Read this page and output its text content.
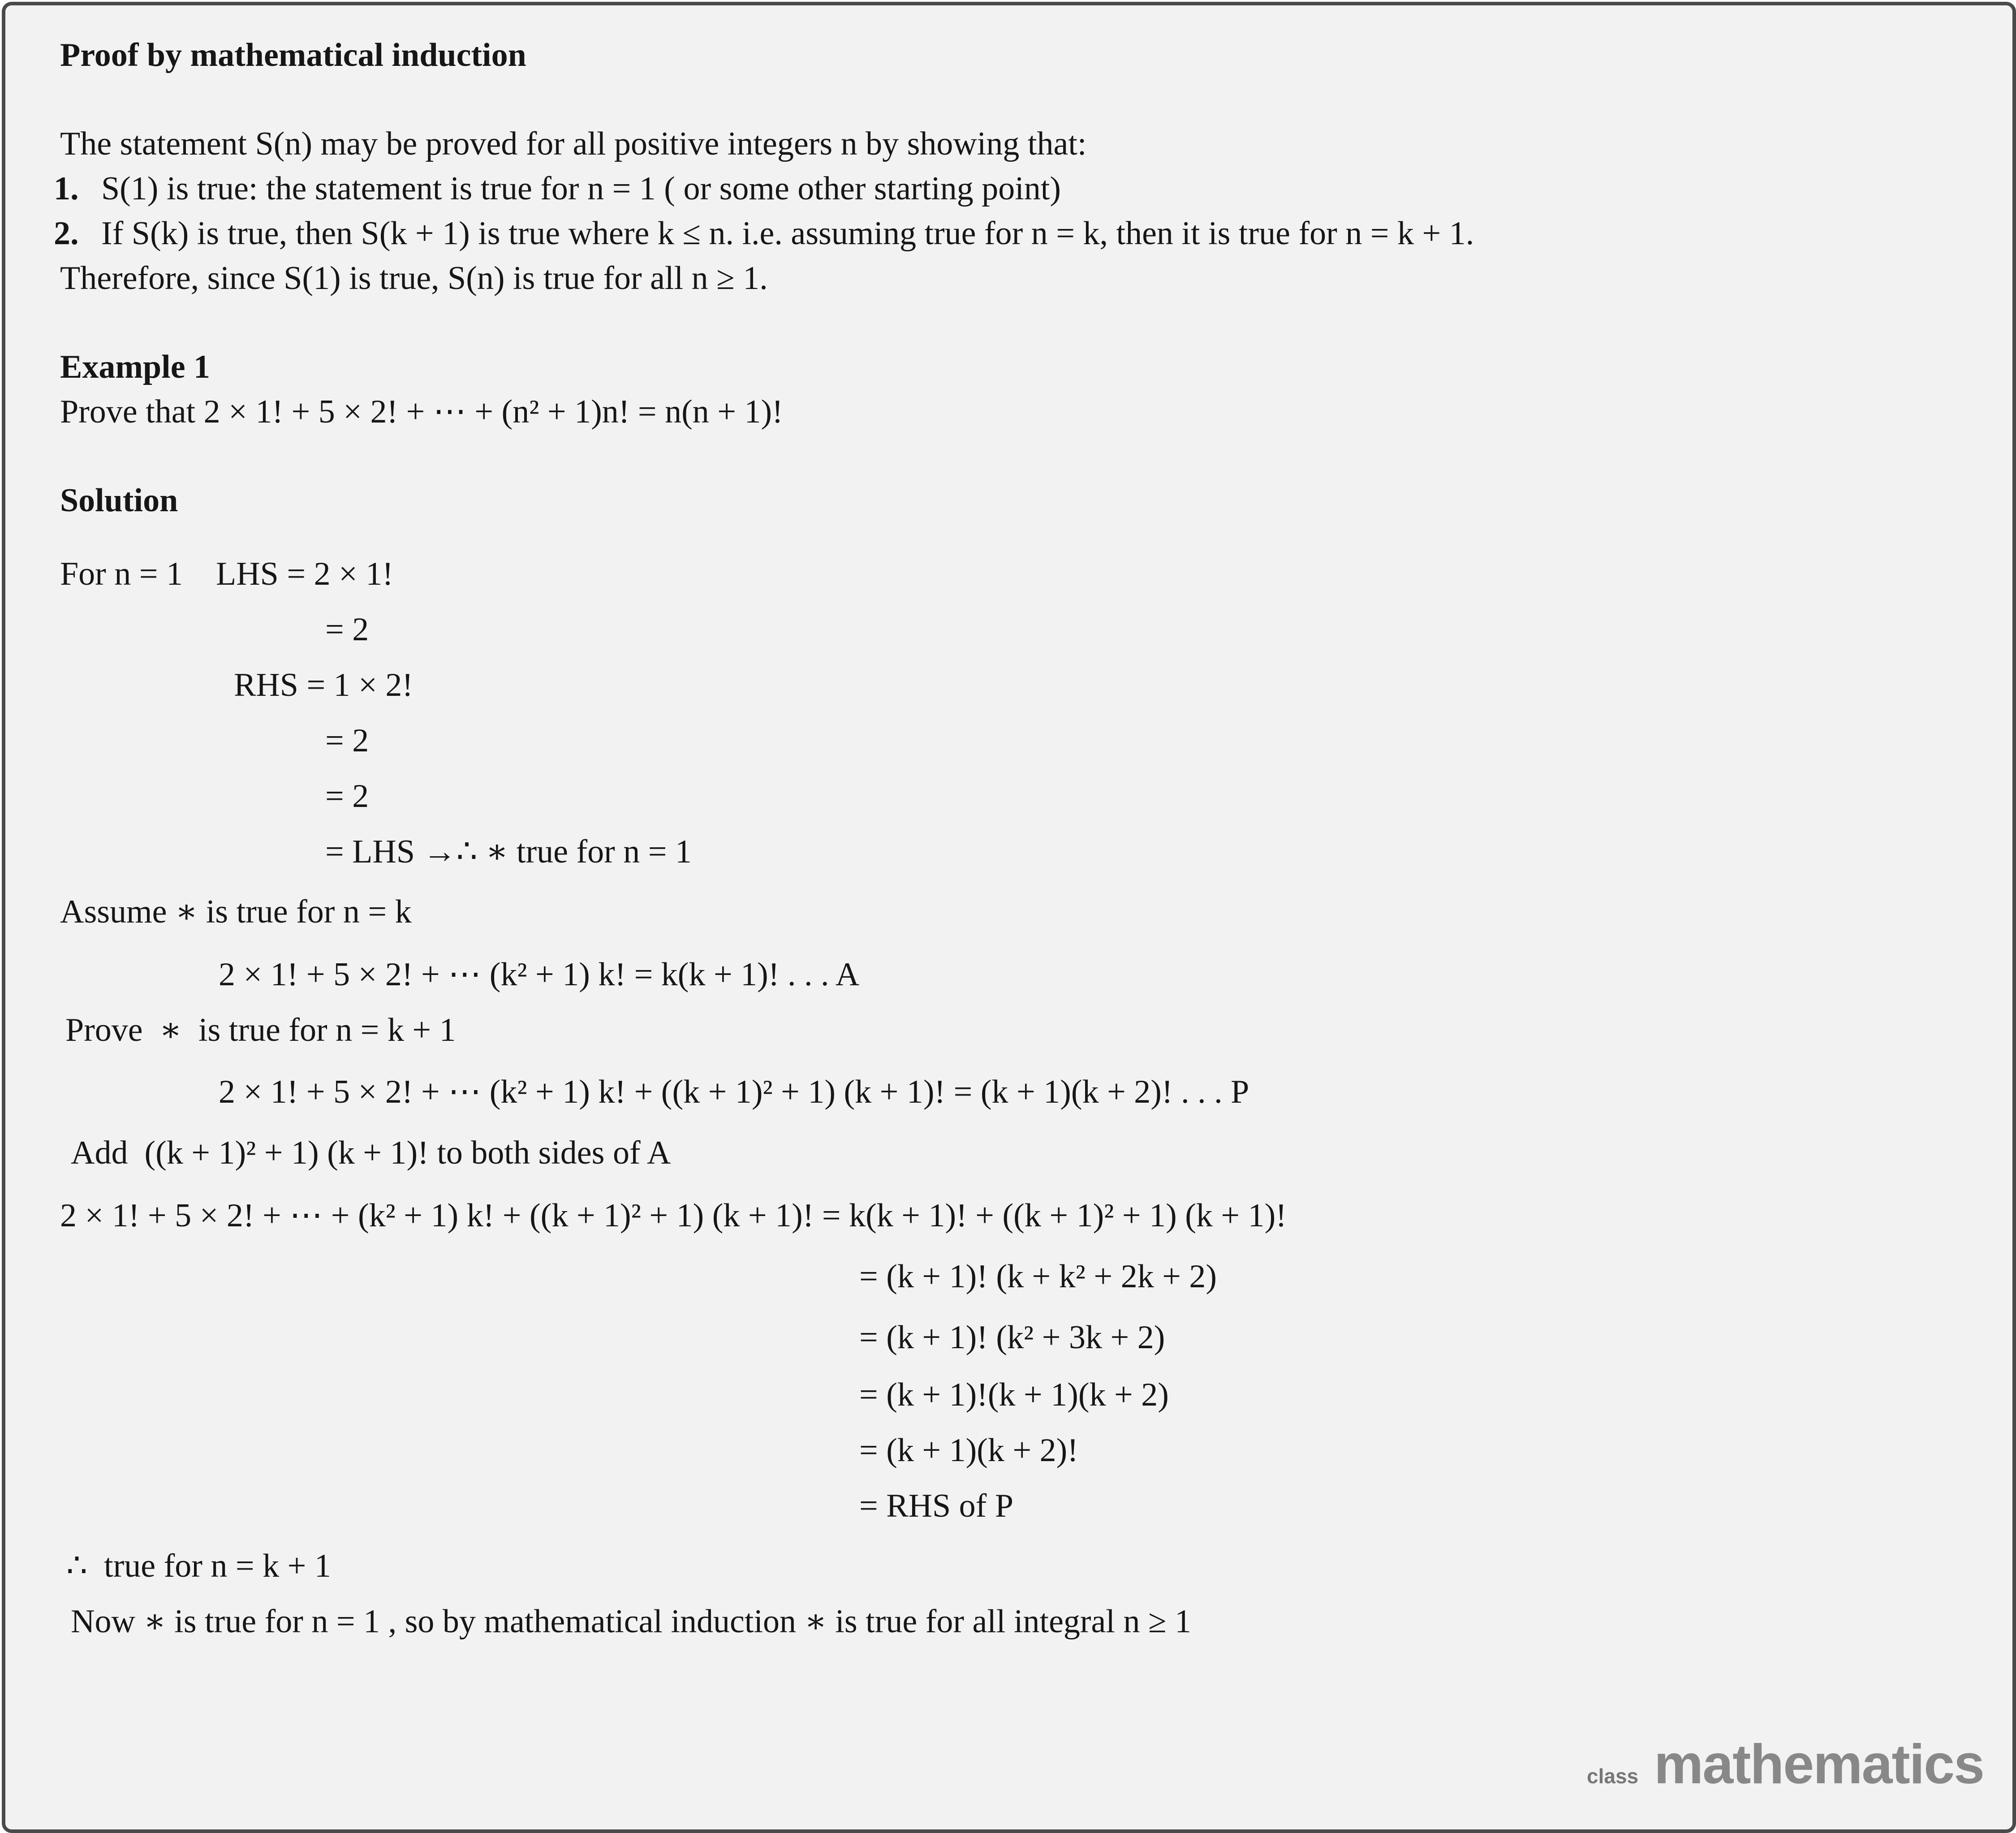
Proof by mathematical induction
The statement S(n) may be proved for all positive integers n by showing that:
1. S(1) is true: the statement is true for n = 1 ( or some other starting point)
2. If S(k) is true, then S(k + 1) is true where k ≤ n. i.e. assuming true for n = k, then it is true for n = k + 1.
Therefore, since S(1) is true, S(n) is true for all n ≥ 1.
Example 1
Prove that 2 × 1! + 5 × 2! + ⋯ + (n² + 1)n! = n(n + 1)!
Solution
For n = 1    LHS = 2 × 1!
= 2
RHS = 1 × 2!
= 2
= 2
= LHS →∴ ∗ true for n = 1
Assume ∗ is true for n = k
2 × 1! + 5 × 2! + ⋯ (k² + 1) k! = k(k + 1)! . . . A
Prove  ∗  is true for n = k + 1
2 × 1! + 5 × 2! + ⋯ (k² + 1) k! + ((k + 1)² + 1) (k + 1)! = (k + 1)(k + 2)! . . . P
Add  ((k + 1)² + 1) (k + 1)! to both sides of A
2 × 1! + 5 × 2! + ⋯ + (k² + 1) k! + ((k + 1)² + 1) (k + 1)! = k(k + 1)! + ((k + 1)² + 1) (k + 1)!
= (k + 1)! (k + k² + 2k + 2)
= (k + 1)! (k² + 3k + 2)
= (k + 1)!(k + 1)(k + 2)
= (k + 1)(k + 2)!
= RHS of P
∴  true for n = k + 1
Now ∗ is true for n = 1 , so by mathematical induction ∗ is true for all integral n ≥ 1
class mathematics
